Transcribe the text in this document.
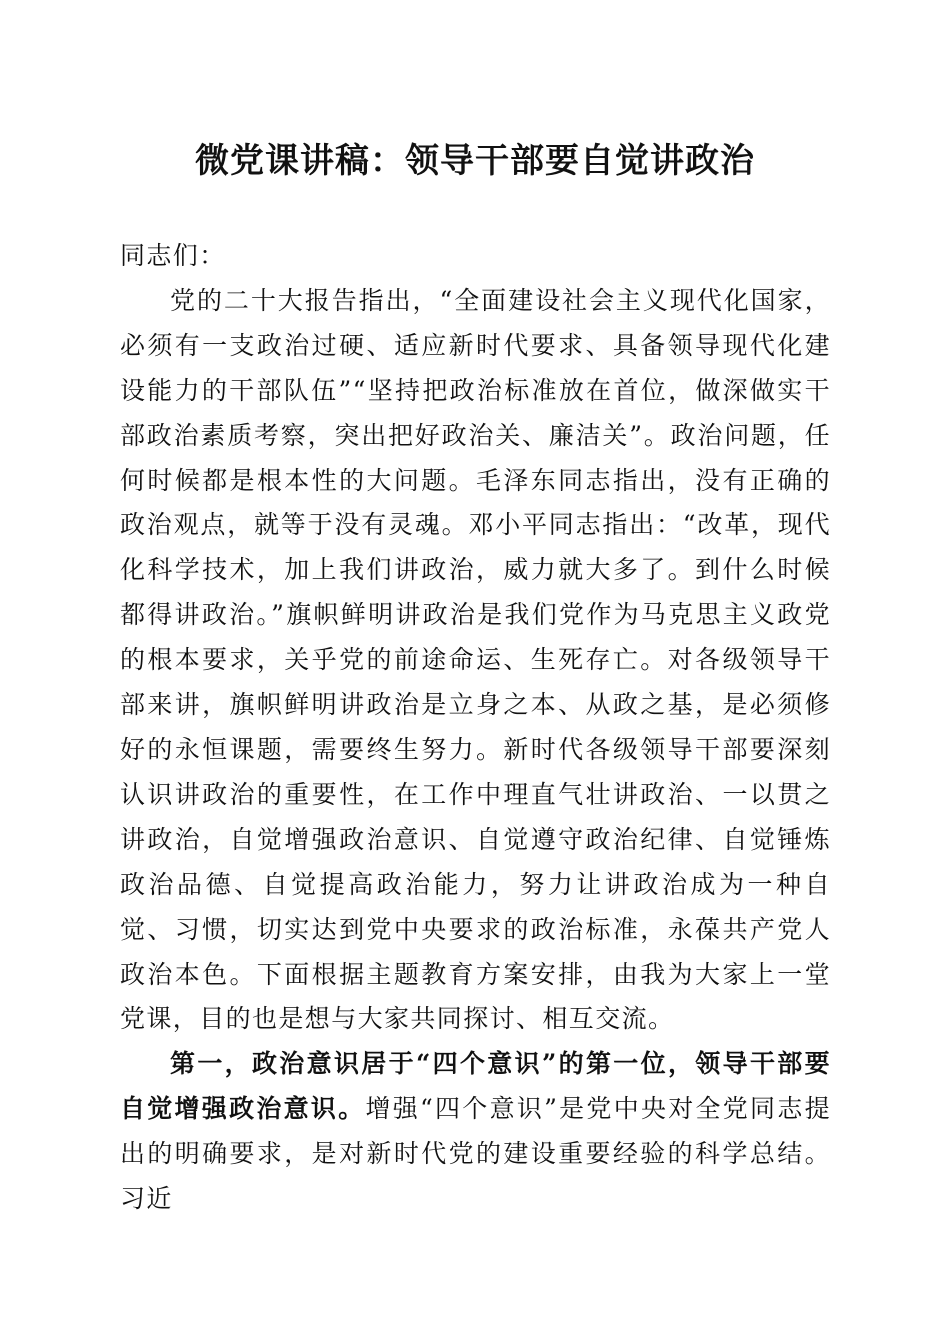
微党课讲稿：领导干部要自觉讲政治

同志们：

党的二十大报告指出，“全面建设社会主义现代化国家，必须有一支政治过硬、适应新时代要求、具备领导现代化建设能力的干部队伍”“坚持把政治标准放在首位，做深做实干部政治素质考察，突出把好政治关、廉洁关”。政治问题，任何时候都是根本性的大问题。毛泽东同志指出，没有正确的政治观点，就等于没有灵魂。邓小平同志指出：“改革，现代化科学技术，加上我们讲政治，威力就大多了。到什么时候都得讲政治。”旗帜鲜明讲政治是我们党作为马克思主义政党的根本要求，关乎党的前途命运、生死存亡。对各级领导干部来讲，旗帜鲜明讲政治是立身之本、从政之基，是必须修好的永恒课题，需要终生努力。新时代各级领导干部要深刻认识讲政治的重要性，在工作中理直气壮讲政治、一以贯之讲政治，自觉增强政治意识、自觉遵守政治纪律、自觉锤炼政治品德、自觉提高政治能力，努力让讲政治成为一种自觉、习惯，切实达到党中央要求的政治标准，永葆共产党人政治本色。下面根据主题教育方案安排，由我为大家上一堂党课，目的也是想与大家共同探讨、相互交流。

第一，政治意识居于“四个意识”的第一位，领导干部要自觉增强政治意识。增强“四个意识”是党中央对全党同志提出的明确要求，是对新时代党的建设重要经验的科学总结。习近
